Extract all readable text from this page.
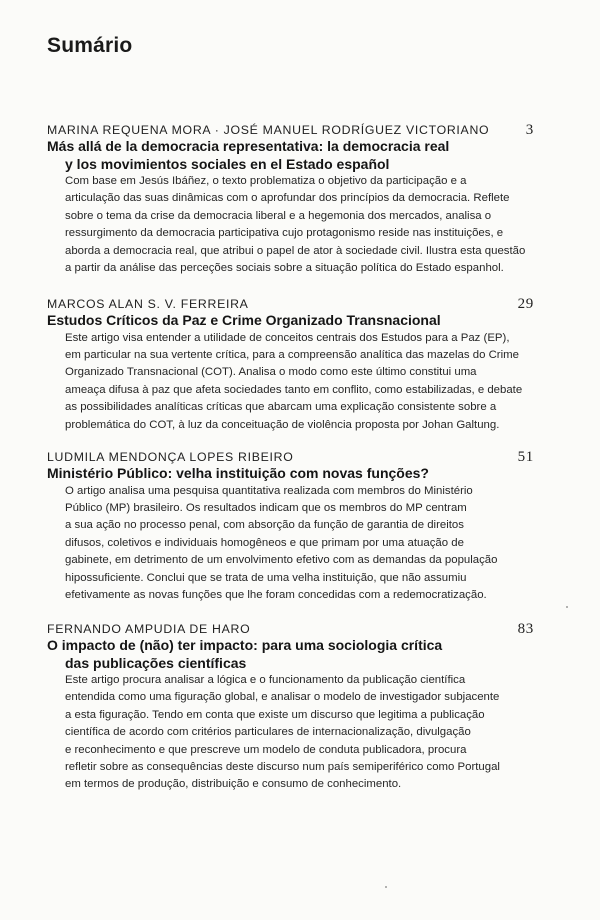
Sumário
MARINA REQUENA MORA · JOSÉ MANUEL RODRÍGUEZ VICTORIANO 3
Más allá de la democracia representativa: la democracia real
y los movimientos sociales en el Estado español
Com base em Jesús Ibáñez, o texto problematiza o objetivo da participação e a
articulação das suas dinâmicas com o aprofundar dos princípios da democracia. Reflete
sobre o tema da crise da democracia liberal e a hegemonia dos mercados, analisa o
ressurgimento da democracia participativa cujo protagonismo reside nas instituições, e
aborda a democracia real, que atribui o papel de ator à sociedade civil. Ilustra esta questão
a partir da análise das perceções sociais sobre a situação política do Estado espanhol.
MARCOS ALAN S. V. FERREIRA	29
Estudos Críticos da Paz e Crime Organizado Transnacional
Este artigo visa entender a utilidade de conceitos centrais dos Estudos para a Paz (EP),
em particular na sua vertente crítica, para a compreensão analítica das mazelas do Crime
Organizado Transnacional (COT). Analisa o modo como este último constitui uma
ameaça difusa à paz que afeta sociedades tanto em conflito, como estabilizadas, e debate
as possibilidades analíticas críticas que abarcam uma explicação consistente sobre a
problemática do COT, à luz da conceituação de violência proposta por Johan Galtung.
LUDMILA MENDONÇA LOPES RIBEIRO	51
Ministério Público: velha instituição com novas funções?
O artigo analisa uma pesquisa quantitativa realizada com membros do Ministério
Público (MP) brasileiro. Os resultados indicam que os membros do MP centram
a sua ação no processo penal, com absorção da função de garantia de direitos
difusos, coletivos e individuais homogêneos e que primam por uma atuação de
gabinete, em detrimento de um envolvimento efetivo com as demandas da população
hipossuficiente. Conclui que se trata de uma velha instituição, que não assumiu
efetivamente as novas funções que lhe foram concedidas com a redemocratização.
FERNANDO AMPUDIA DE HARO	83
O impacto de (não) ter impacto: para uma sociologia crítica
das publicações científicas
Este artigo procura analisar a lógica e o funcionamento da publicação científica
entendida como uma figuração global, e analisar o modelo de investigador subjacente
a esta figuração. Tendo em conta que existe um discurso que legitima a publicação
científica de acordo com critérios particulares de internacionalização, divulgação
e reconhecimento e que prescreve um modelo de conduta publicadora, procura
refletir sobre as consequências deste discurso num país semiperiférico como Portugal
em termos de produção, distribuição e consumo de conhecimento.
